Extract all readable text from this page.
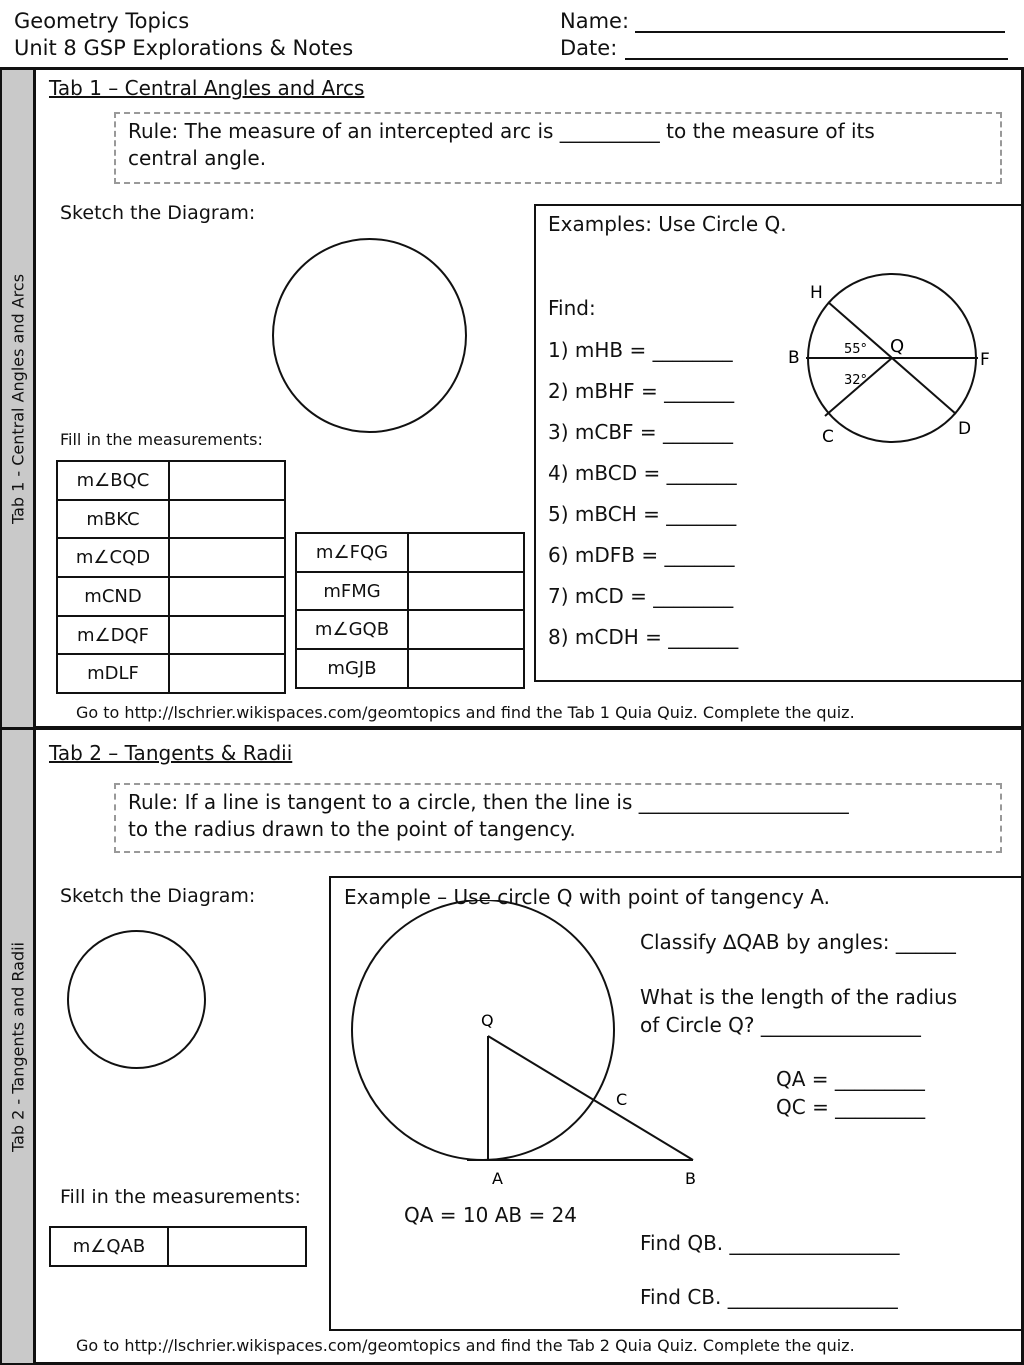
Geometry Topics
Unit 8 GSP Explorations & Notes
Name:
Date:
Tab 1 - Central Angles and Arcs
Tab 1 – Central Angles and Arcs
Rule: The measure of an intercepted arc is __________ to the measure of its
central angle.
Sketch the Diagram:
Fill in the measurements:
m∠BQC	
mBKC	
m∠CQD	
mCND	
m∠DQF	
mDLF	
m∠FQG	
mFMG	
m∠GQB	
mGJB	
Examples: Use Circle Q.
Find:
1) mHB = ________
2) mBHF = _______
3) mCBF = _______
4) mBCD = _______
5) mBCH = _______
6) mDFB = _______
7) mCD = ________
8) mCDH = _______
H
B	F
C	D
Q
55°
32°
Go to http://lschrier.wikispaces.com/geomtopics and find the Tab 1 Quia Quiz. Complete the quiz.
Tab 2 - Tangents and Radii
Tab 2 – Tangents & Radii
Rule: If a line is tangent to a circle, then the line is _____________________
to the radius drawn to the point of tangency.
Sketch the Diagram:
Fill in the measurements:
m∠QAB	
Example – Use circle Q with point of tangency A.
Classify ∆QAB by angles: ______
What is the length of the radius
of Circle Q? ________________
QA = _________
QC = _________
QA = 10 AB = 24
Find QB. _________________
Find CB. _________________
Q
A	B
C
Go to http://lschrier.wikispaces.com/geomtopics and find the Tab 2 Quia Quiz. Complete the quiz.
